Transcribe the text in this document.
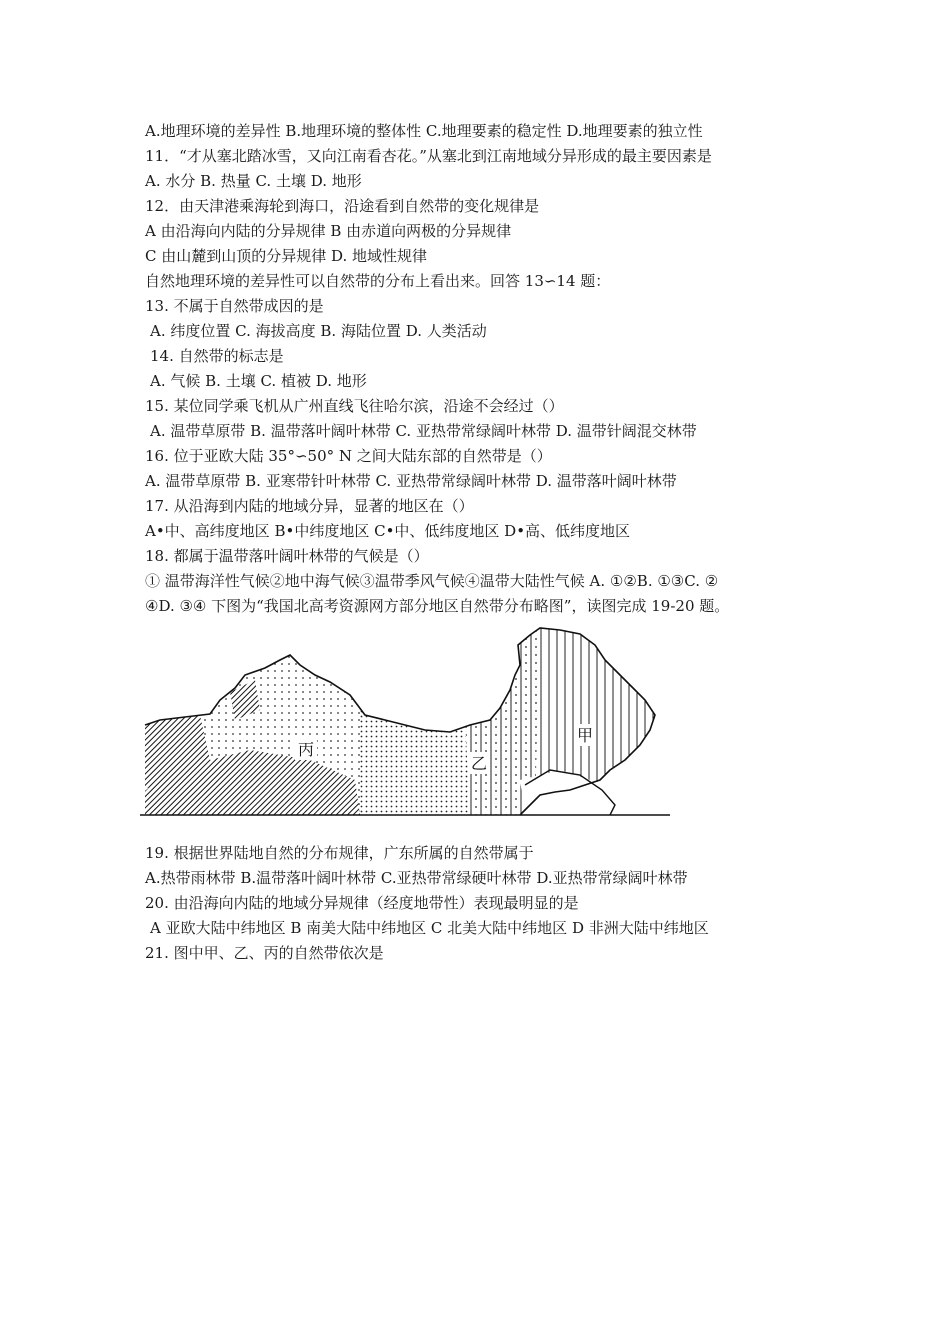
A.地理环境的差异性 B.地理环境的整体性 C.地理要素的稳定性 D.地理要素的独立性
11．“才从塞北踏冰雪，又向江南看杏花。”从塞北到江南地域分异形成的最主要因素是
A. 水分 B. 热量 C. 土壤 D. 地形
12．由天津港乘海轮到海口，沿途看到自然带的变化规律是
A 由沿海向内陆的分异规律 B 由赤道向两极的分异规律
C 由山麓到山顶的分异规律 D. 地域性规律
自然地理环境的差异性可以自然带的分布上看出来。回答 13∽14 题：
13. 不属于自然带成因的是
A. 纬度位置 C. 海拔高度 B. 海陆位置 D. 人类活动
14. 自然带的标志是
A. 气候 B. 土壤 C. 植被 D. 地形
15. 某位同学乘飞机从广州直线飞往哈尔滨，沿途不会经过（）
A. 温带草原带 B. 温带落叶阔叶林带 C. 亚热带常绿阔叶林带 D. 温带针阔混交林带
16. 位于亚欧大陆 35°∽50° N 之间大陆东部的自然带是（）
A. 温带草原带 B. 亚寒带针叶林带 C. 亚热带常绿阔叶林带 D. 温带落叶阔叶林带
17. 从沿海到内陆的地域分异，显著的地区在（）
A•中、高纬度地区 B•中纬度地区 C•中、低纬度地区 D•高、低纬度地区
18. 都属于温带落叶阔叶林带的气候是（）
① 温带海洋性气候②地中海气候③温带季风气候④温带大陆性气候 A. ①②B. ①③C. ②
④D. ③④ 下图为“我国北高考资源网方部分地区自然带分布略图”，读图完成 19-20 题。
丙
乙
甲
19. 根据世界陆地自然的分布规律，广东所属的自然带属于
A.热带雨林带 B.温带落叶阔叶林带 C.亚热带常绿硬叶林带 D.亚热带常绿阔叶林带
20. 由沿海向内陆的地域分异规律（经度地带性）表现最明显的是
A 亚欧大陆中纬地区 B 南美大陆中纬地区 C 北美大陆中纬地区 D 非洲大陆中纬地区
21. 图中甲、乙、丙的自然带依次是
